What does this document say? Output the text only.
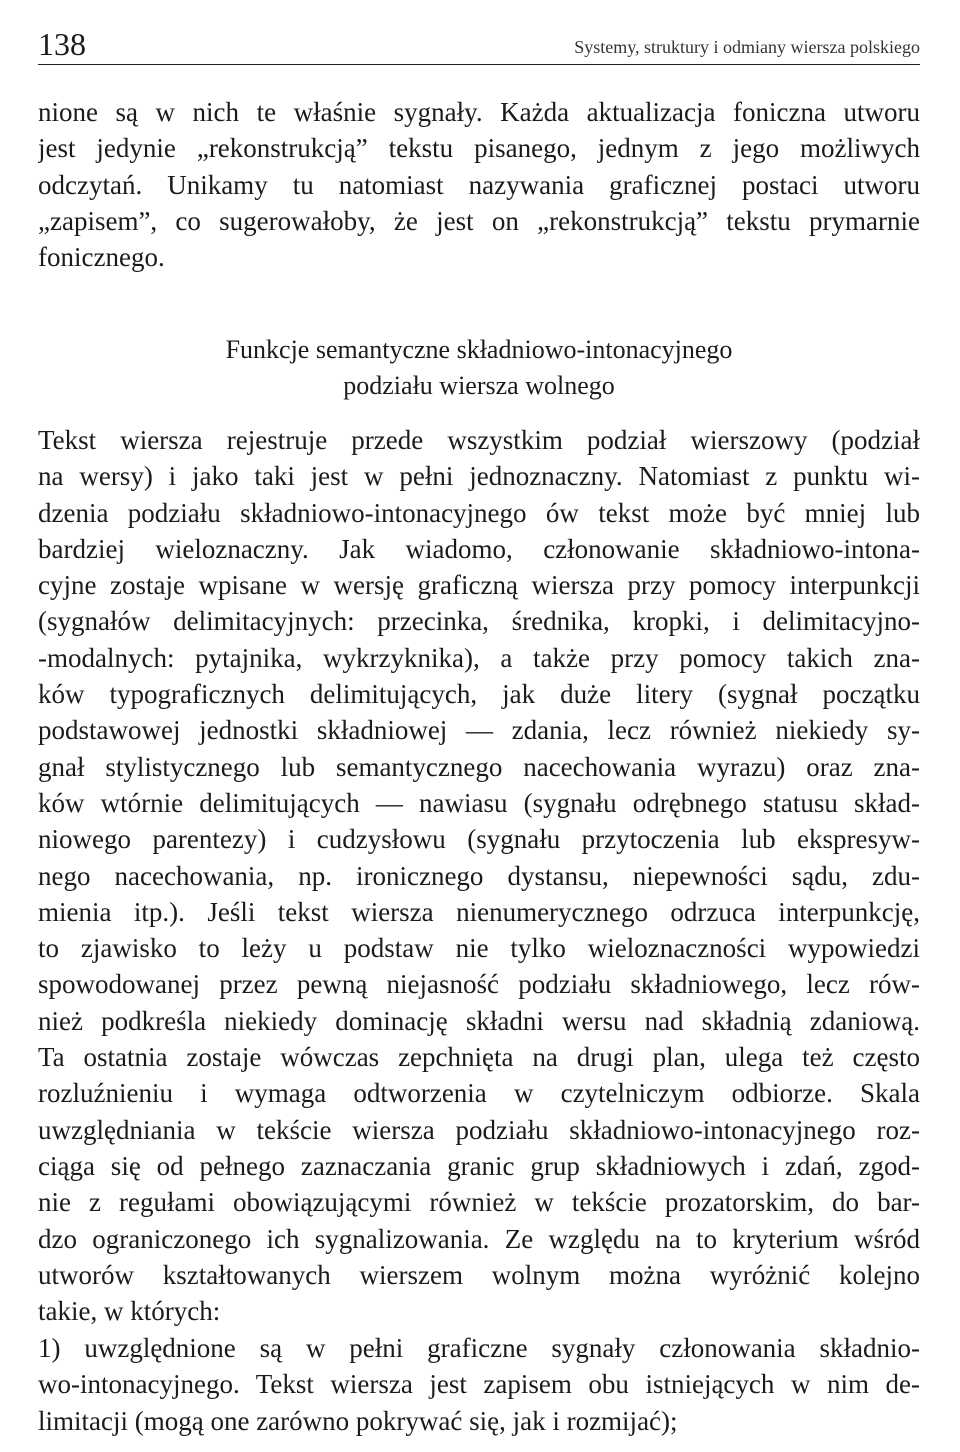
138	Systemy, struktury i odmiany wiersza polskiego
nione są w nich te właśnie sygnały. Każda aktualizacja foniczna utworu
jest jedynie „rekonstrukcją” tekstu pisanego, jednym z jego możliwych
odczytań. Unikamy tu natomiast nazywania graficznej postaci utworu
„zapisem”, co sugerowałoby, że jest on „rekonstrukcją” tekstu prymarnie
fonicznego.
Funkcje semantyczne składniowo-intonacyjnego
podziału wiersza wolnego
Tekst wiersza rejestruje przede wszystkim podział wierszowy (podział
na wersy) i jako taki jest w pełni jednoznaczny. Natomiast z punktu wi-
dzenia podziału składniowo-intonacyjnego ów tekst może być mniej lub
bardziej wieloznaczny. Jak wiadomo, członowanie składniowo-intona-
cyjne zostaje wpisane w wersję graficzną wiersza przy pomocy interpunkcji
(sygnałów delimitacyjnych: przecinka, średnika, kropki, i delimitacyjno-
-modalnych: pytajnika, wykrzyknika), a także przy pomocy takich zna-
ków typograficznych delimitujących, jak duże litery (sygnał początku
podstawowej jednostki składniowej — zdania, lecz również niekiedy sy-
gnał stylistycznego lub semantycznego nacechowania wyrazu) oraz zna-
ków wtórnie delimitujących — nawiasu (sygnału odrębnego statusu skład-
niowego parentezy) i cudzysłowu (sygnału przytoczenia lub ekspresyw-
nego nacechowania, np. ironicznego dystansu, niepewności sądu, zdu-
mienia itp.). Jeśli tekst wiersza nienumerycznego odrzuca interpunkcję,
to zjawisko to leży u podstaw nie tylko wieloznaczności wypowiedzi
spowodowanej przez pewną niejasność podziału składniowego, lecz rów-
nież podkreśla niekiedy dominację składni wersu nad składnią zdaniową.
Ta ostatnia zostaje wówczas zepchnięta na drugi plan, ulega też często
rozluźnieniu i wymaga odtworzenia w czytelniczym odbiorze. Skala
uwzględniania w tekście wiersza podziału składniowo-intonacyjnego roz-
ciąga się od pełnego zaznaczania granic grup składniowych i zdań, zgod-
nie z regułami obowiązującymi również w tekście prozatorskim, do bar-
dzo ograniczonego ich sygnalizowania. Ze względu na to kryterium wśród
utworów kształtowanych wierszem wolnym można wyróżnić kolejno
takie, w których:
1) uwzględnione są w pełni graficzne sygnały członowania składnio-
wo-intonacyjnego. Tekst wiersza jest zapisem obu istniejących w nim de-
limitacji (mogą one zarówno pokrywać się, jak i rozmijać);
